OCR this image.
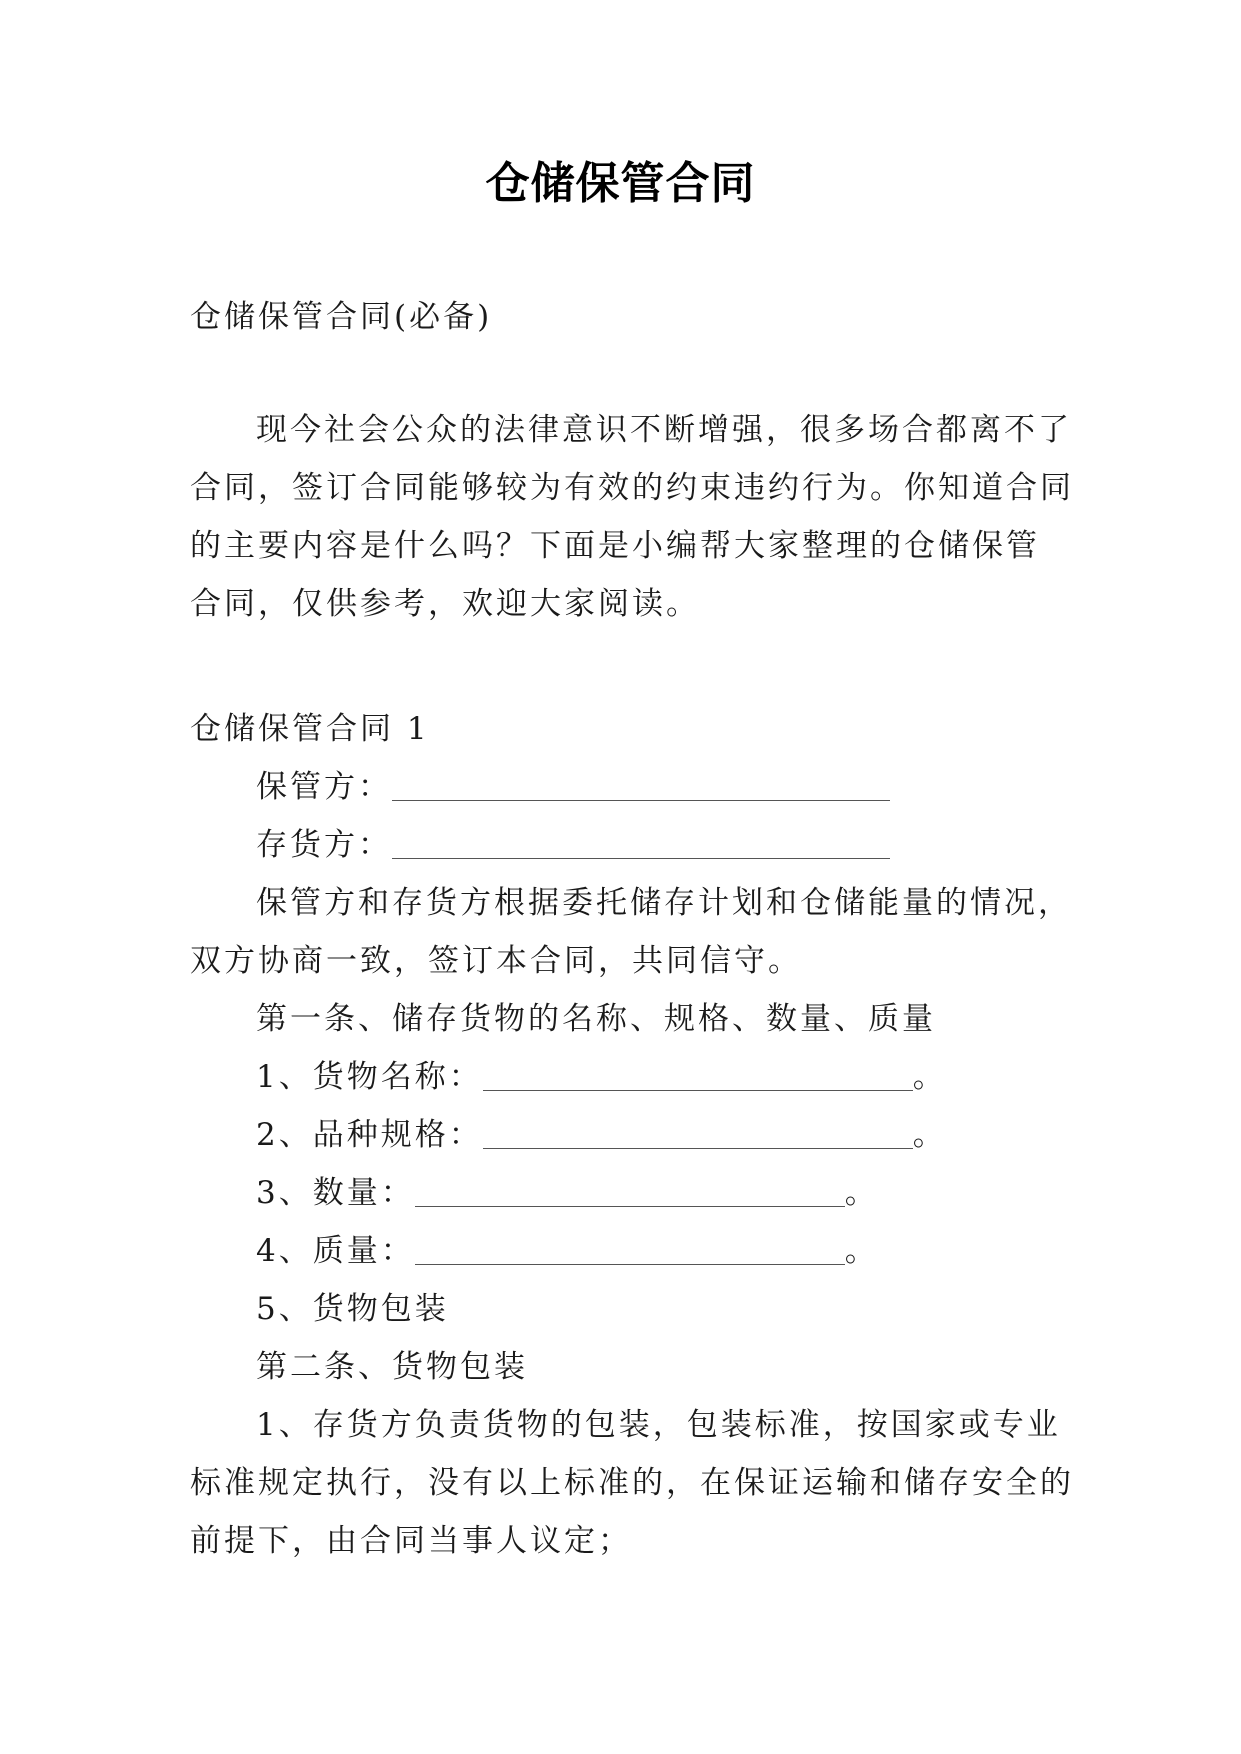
仓储保管合同
仓储保管合同(必备)
现今社会公众的法律意识不断增强，很多场合都离不了
合同，签订合同能够较为有效的约束违约行为。你知道合同
的主要内容是什么吗？下面是小编帮大家整理的仓储保管
合同，仅供参考，欢迎大家阅读。
仓储保管合同 1
保管方：
存货方：
保管方和存货方根据委托储存计划和仓储能量的情况，
双方协商一致，签订本合同，共同信守。
第一条、储存货物的名称、规格、数量、质量
1、货物名称：	。
2、品种规格：	。
3、数量：	。
4、质量：	。
5、货物包装
第二条、货物包装
1、存货方负责货物的包装，包装标准，按国家或专业
标准规定执行，没有以上标准的，在保证运输和储存安全的
前提下，由合同当事人议定；
